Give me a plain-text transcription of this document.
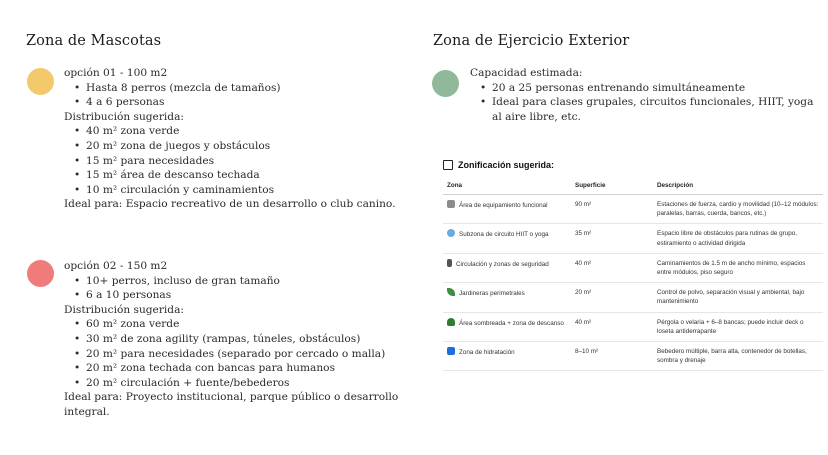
Zona de Mascotas
opción 01 - 100 m2
• Hasta 8 perros (mezcla de tamaños)
• 4 a 6 personas
Distribución sugerida:
• 40 m² zona verde
• 20 m² zona de juegos y obstáculos
• 15 m² para necesidades
• 15 m² área de descanso techada
• 10 m² circulación y caminamientos
Ideal para: Espacio recreativo de un desarrollo o club canino.
opción 02 - 150 m2
• 10+ perros, incluso de gran tamaño
• 6 a 10 personas
Distribución sugerida:
• 60 m² zona verde
• 30 m² de zona agility (rampas, túneles, obstáculos)
• 20 m² para necesidades (separado por cercado o malla)
• 20 m² zona techada con bancas para humanos
• 20 m² circulación + fuente/bebederos
Ideal para: Proyecto institucional, parque público o desarrollo
integral.
Zona de Ejercicio Exterior
Capacidad estimada:
• 20 a 25 personas entrenando simultáneamente
• Ideal para clases grupales, circuitos funcionales, HIIT, yoga al aire libre, etc.
Zonificación sugerida:
Zona	Superficie	Descripción
Área de equipamiento funcional	90 m²	Estaciones de fuerza, cardio y movilidad (10–12 módulos: paralelas, barras, cuerda, bancos, etc.)
Subzona de circuito HIIT o yoga	35 m²	Espacio libre de obstáculos para rutinas de grupo, estiramiento o actividad dirigida
Circulación y zonas de seguridad	40 m²	Caminamientos de 1.5 m de ancho mínimo, espacios entre módulos, piso seguro
Jardineras perimetrales	20 m²	Control de polvo, separación visual y ambiental, bajo mantenimiento
Área sombreada + zona de descanso	40 m²	Pérgola o velaria + 6–8 bancas; puede incluir deck o loseta antiderrapante
Zona de hidratación	8–10 m²	Bebedero múltiple, barra alta, contenedor de botellas, sombra y drenaje
